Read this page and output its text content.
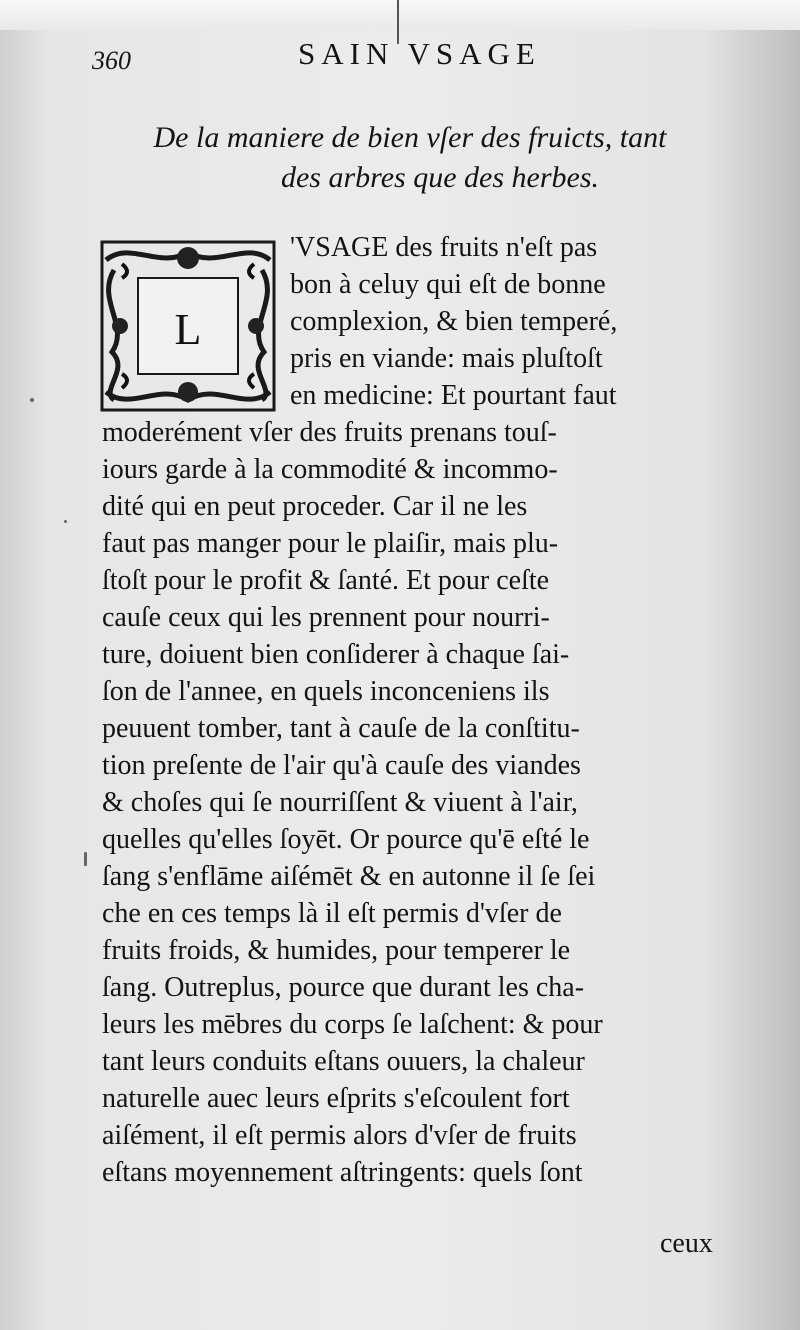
360	SAIN VSAGE
De la maniere de bien vſer des fruicts, tant
des arbres que des herbes.
L
'VSAGE des fruits n'eſt pas
bon à celuy qui eſt de bonne
complexion, & bien temperé,
pris en viande: mais pluſtoſt
en medicine: Et pourtant faut
moderément vſer des fruits prenans touſ-
iours garde à la commodité & incommo-
dité qui en peut proceder. Car il ne les
faut pas manger pour le plaiſir, mais plu-
ſtoſt pour le profit & ſanté. Et pour ceſte
cauſe ceux qui les prennent pour nourri-
ture, doiuent bien conſiderer à chaque ſai-
ſon de l'annee, en quels inconceniens ils
peuuent tomber, tant à cauſe de la conſtitu-
tion preſente de l'air qu'à cauſe des viandes
& choſes qui ſe nourriſſent & viuent à l'air,
quelles qu'elles ſoyēt. Or pource qu'ē eſté le
ſang s'enflāme aiſémēt & en autonne il ſe ſei
che en ces temps là il eſt permis d'vſer de
fruits froids, & humides, pour temperer le
ſang. Outreplus, pource que durant les cha-
leurs les mēbres du corps ſe laſchent: & pour
tant leurs conduits eſtans ouuers, la chaleur
naturelle auec leurs eſprits s'eſcoulent fort
aiſément, il eſt permis alors d'vſer de fruits
eſtans moyennement aſtringents: quels ſont
ceux
